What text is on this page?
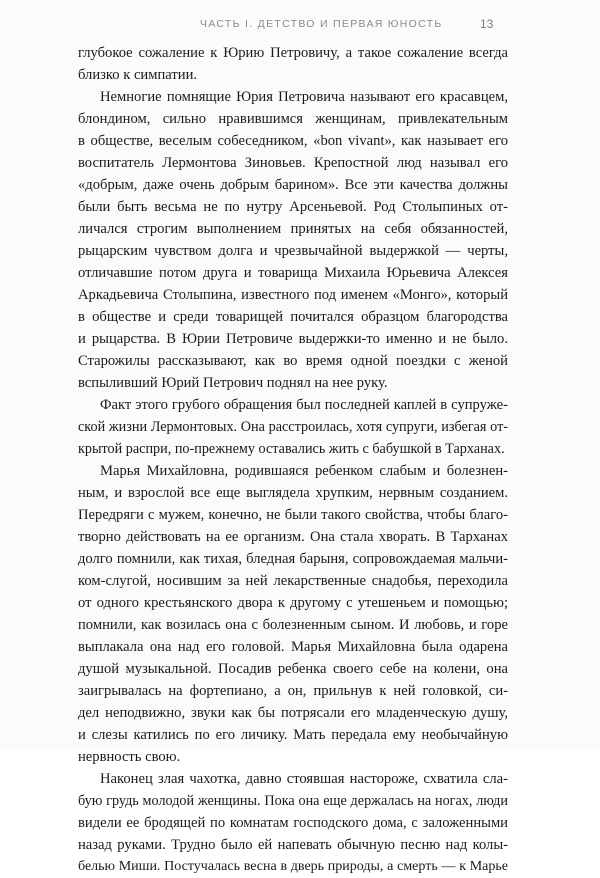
ЧАСТЬ I. ДЕТСТВО И ПЕРВАЯ ЮНОСТЬ	13
глубокое сожаление к Юрию Петровичу, а такое сожаление всегда
близко к симпатии.
Немногие помнящие Юрия Петровича называют его красавцем,
блондином, сильно нравившимся женщинам, привлекательным
в обществе, веселым собеседником, «bon vivant», как называет его
воспитатель Лермонтова Зиновьев. Крепостной люд называл его
«добрым, даже очень добрым барином». Все эти качества должны
были быть весьма не по нутру Арсеньевой. Род Столыпиных от-
личался строгим выполнением принятых на себя обязанностей,
рыцарским чувством долга и чрезвычайной выдержкой — черты,
отличавшие потом друга и товарища Михаила Юрьевича Алексея
Аркадьевича Столыпина, известного под именем «Монго», который
в обществе и среди товарищей почитался образцом благородства
и рыцарства. В Юрии Петровиче выдержки-то именно и не было.
Старожилы рассказывают, как во время одной поездки с женой
вспыливший Юрий Петрович поднял на нее руку.
Факт этого грубого обращения был последней каплей в супруже-
ской жизни Лермонтовых. Она расстроилась, хотя супруги, избегая от-
крытой распри, по-прежнему оставались жить с бабушкой в Тарханах.
Марья Михайловна, родившаяся ребенком слабым и болезнен-
ным, и взрослой все еще выглядела хрупким, нервным созданием.
Передряги с мужем, конечно, не были такого свойства, чтобы благо-
творно действовать на ее организм. Она стала хворать. В Тарханах
долго помнили, как тихая, бледная барыня, сопровождаемая мальчи-
ком-слугой, носившим за ней лекарственные снадобья, переходила
от одного крестьянского двора к другому с утешеньем и помощью;
помнили, как возилась она с болезненным сыном. И любовь, и горе
выплакала она над его головой. Марья Михайловна была одарена
душой музыкальной. Посадив ребенка своего себе на колени, она
заигрывалась на фортепиано, а он, прильнув к ней головкой, си-
дел неподвижно, звуки как бы потрясали его младенческую душу,
и слезы катились по его личику. Мать передала ему необычайную
нервность свою.
Наконец злая чахотка, давно стоявшая настороже, схватила сла-
бую грудь молодой женщины. Пока она еще держалась на ногах, люди
видели ее бродящей по комнатам господского дома, с заложенными
назад руками. Трудно было ей напевать обычную песню над колы-
белью Миши. Постучалась весна в дверь природы, а смерть — к Марье
